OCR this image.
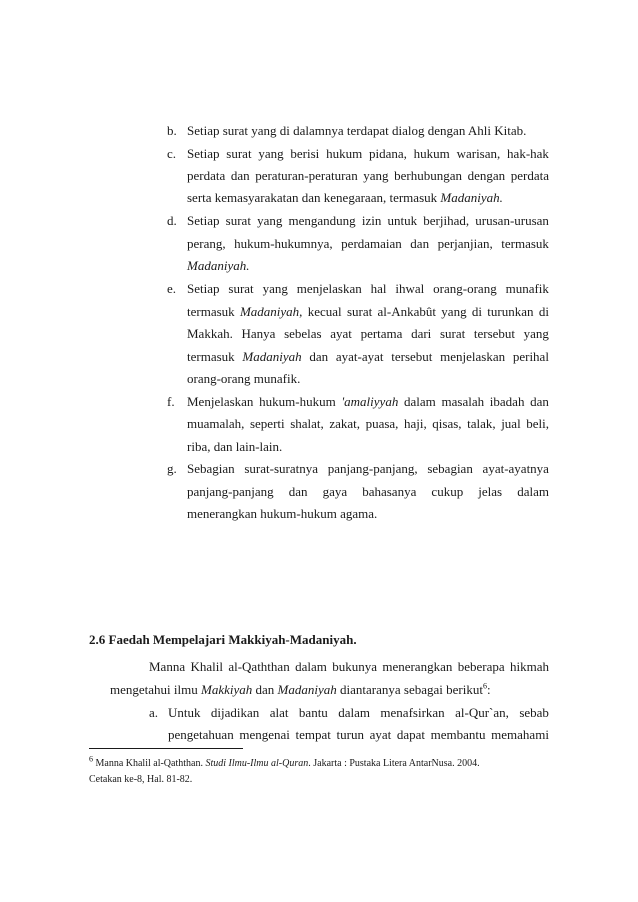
b. Setiap surat yang di dalamnya terdapat dialog dengan Ahli Kitab.
c. Setiap surat yang berisi hukum pidana, hukum warisan, hak-hak
perdata dan peraturan-peraturan yang berhubungan dengan perdata
serta kemasyarakatan dan kenegaraan, termasuk Madaniyah.
d. Setiap surat yang mengandung izin untuk berjihad, urusan-urusan
perang, hukum-hukumnya, perdamaian dan perjanjian, termasuk
Madaniyah.
e. Setiap surat yang menjelaskan hal ihwal orang-orang munafik
termasuk Madaniyah, kecual surat al-Ankabût yang di turunkan di
Makkah. Hanya sebelas ayat pertama dari surat tersebut yang
termasuk Madaniyah dan ayat-ayat tersebut menjelaskan perihal
orang-orang munafik.
f. Menjelaskan hukum-hukum 'amaliyyah dalam masalah ibadah dan
muamalah, seperti shalat, zakat, puasa, haji, qisas, talak, jual beli,
riba, dan lain-lain.
g. Sebagian surat-suratnya panjang-panjang, sebagian ayat-ayatnya
panjang-panjang dan gaya bahasanya cukup jelas dalam
menerangkan hukum-hukum agama.
2.6 Faedah Mempelajari Makkiyah-Madaniyah.
Manna Khalil al-Qaththan dalam bukunya menerangkan beberapa hikmah
mengetahui ilmu Makkiyah dan Madaniyah diantaranya sebagai berikut$^6$:
a. Untuk dijadikan alat bantu dalam menafsirkan al-Qur`an, sebab
pengetahuan mengenai tempat turun ayat dapat membantu memahami
$^6$ Manna Khalil al-Qaththan. Studi Ilmu-Ilmu al-Quran. Jakarta : Pustaka Litera AntarNusa. 2004.
Cetakan ke-8, Hal. 81-82.
